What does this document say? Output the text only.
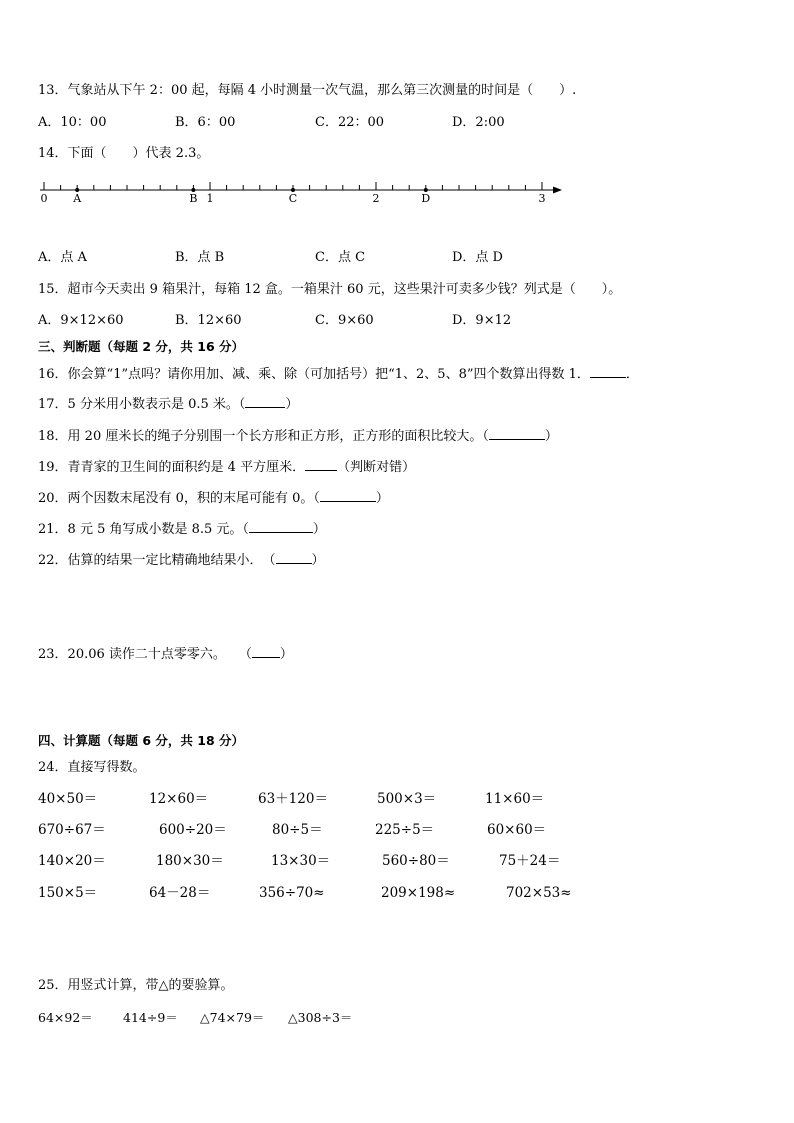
13．气象站从下午 2：00 起，每隔 4 小时测量一次气温，那么第三次测量的时间是（　　）.
A．10：00	B．6：00	C．22：00	D．2:00
14．下面（　　）代表 2.3。
0	1	2	3
A	B	C	D
A．点 A	B．点 B	C．点 C	D．点 D
15．超市今天卖出 9 箱果汁，每箱 12 盒。一箱果汁 60 元，这些果汁可卖多少钱？列式是（　　）。
A．9×12×60	B．12×60	C．9×60	D．9×12
三、判断题（每题 2 分，共 16 分）
16．你会算“1”点吗？请你用加、减、乘、除（可加括号）把“1、2、5、8”四个数算出得数 1．	．
17．5 分米用小数表示是 0.5 米。（	）
18．用 20 厘米长的绳子分别围一个长方形和正方形，正方形的面积比较大。（	）
19．青青家的卫生间的面积约是 4 平方厘米． （判断对错）
20．两个因数末尾没有 0，积的末尾可能有 0。（	）
21．8 元 5 角写成小数是 8.5 元。（	）
22．估算的结果一定比精确地结果小．　（	）
23．20.06 读作二十点零零六。　　（ ）
四、计算题（每题 6 分，共 18 分）
24．直接写得数。
40×50＝	12×60＝	63＋120＝	500×3＝	11×60＝
670÷67＝	600÷20＝	80÷5＝	225÷5＝	60×60＝
140×20＝	180×30＝	13×30＝	560÷80＝	75＋24＝
150×5＝	64－28＝	356÷70≈	209×198≈	702×53≈
25．用竖式计算，带△的要验算。
64×92＝ 414÷9＝ △74×79＝ △308÷3＝
